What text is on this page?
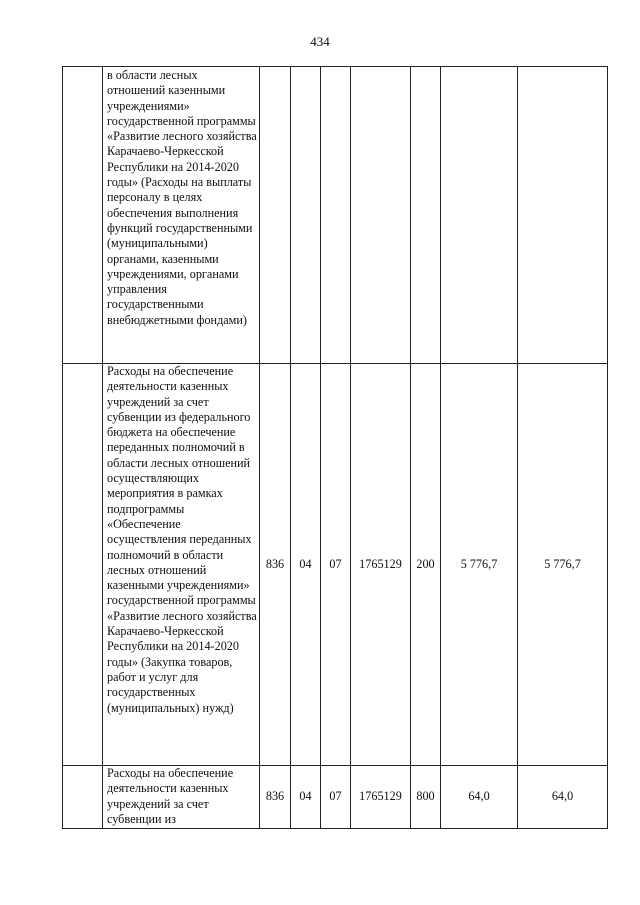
434
	в области лесных отношений казенными учреждениями» государственной программы «Развитие лесного хозяйства Карачаево-Черкесской Республики на 2014-2020 годы» (Расходы на выплаты персоналу в целях обеспечения выполнения функций государственными (муниципальными) органами, казенными учреждениями, органами управления государственными внебюджетными фондами)							
	Расходы на обеспечение деятельности казенных учреждений за счет субвенции из федерального бюджета на обеспечение переданных полномочий в области лесных отношений осуществляющих мероприятия в рамках подпрограммы «Обеспечение осуществления переданных полномочий в области лесных отношений казенными учреждениями» государственной программы «Развитие лесного хозяйства Карачаево-Черкесской Республики на 2014-2020 годы» (Закупка товаров, работ и услуг для государственных (муниципальных) нужд)	836	04	07	1765129	200	5 776,7	5 776,7
	Расходы на обеспечение деятельности казенных учреждений за счет субвенции из	836	04	07	1765129	800	64,0	64,0
